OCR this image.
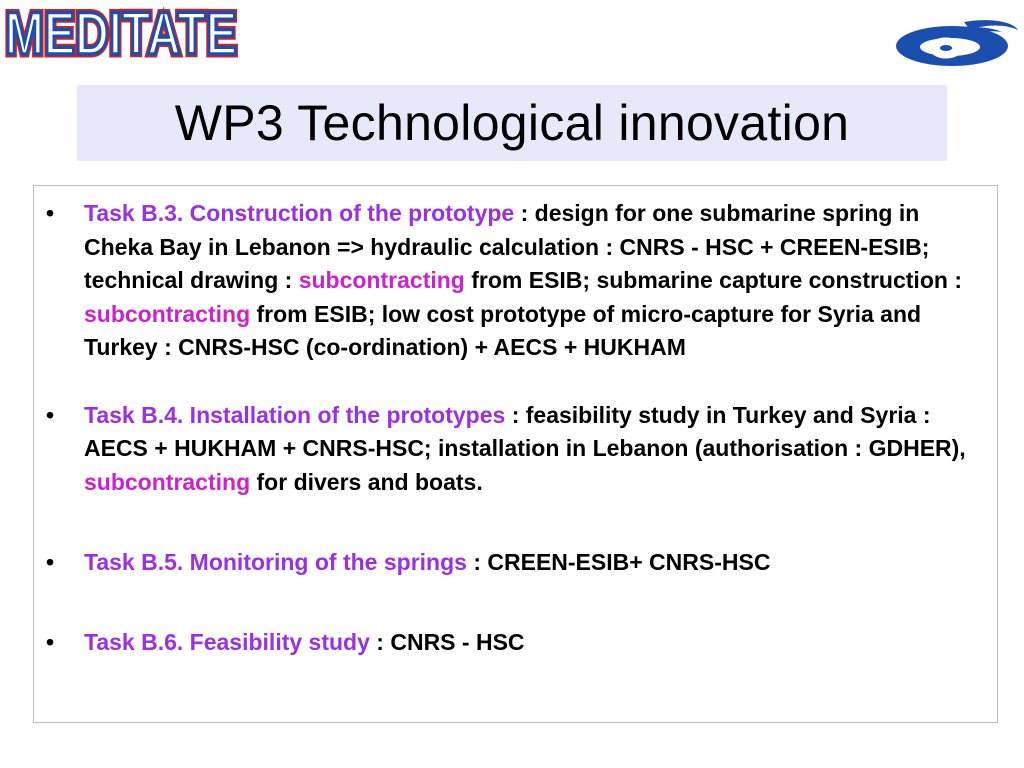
MEDITATE
MEDITATE
WP3 Technological innovation
• Task B.3. Construction of the prototype : design for one submarine spring in Cheka Bay in Lebanon => hydraulic calculation : CNRS - HSC + CREEN-ESIB; technical drawing : subcontracting from ESIB; submarine capture construction : subcontracting from ESIB; low cost prototype of micro-capture for Syria and Turkey : CNRS-HSC (co-ordination) + AECS + HUKHAM
• Task B.4. Installation of the prototypes : feasibility study in Turkey and Syria : AECS + HUKHAM + CNRS-HSC; installation in Lebanon (authorisation : GDHER), subcontracting for divers and boats.
• Task B.5. Monitoring of the springs : CREEN-ESIB+ CNRS-HSC
• Task B.6. Feasibility study : CNRS - HSC
